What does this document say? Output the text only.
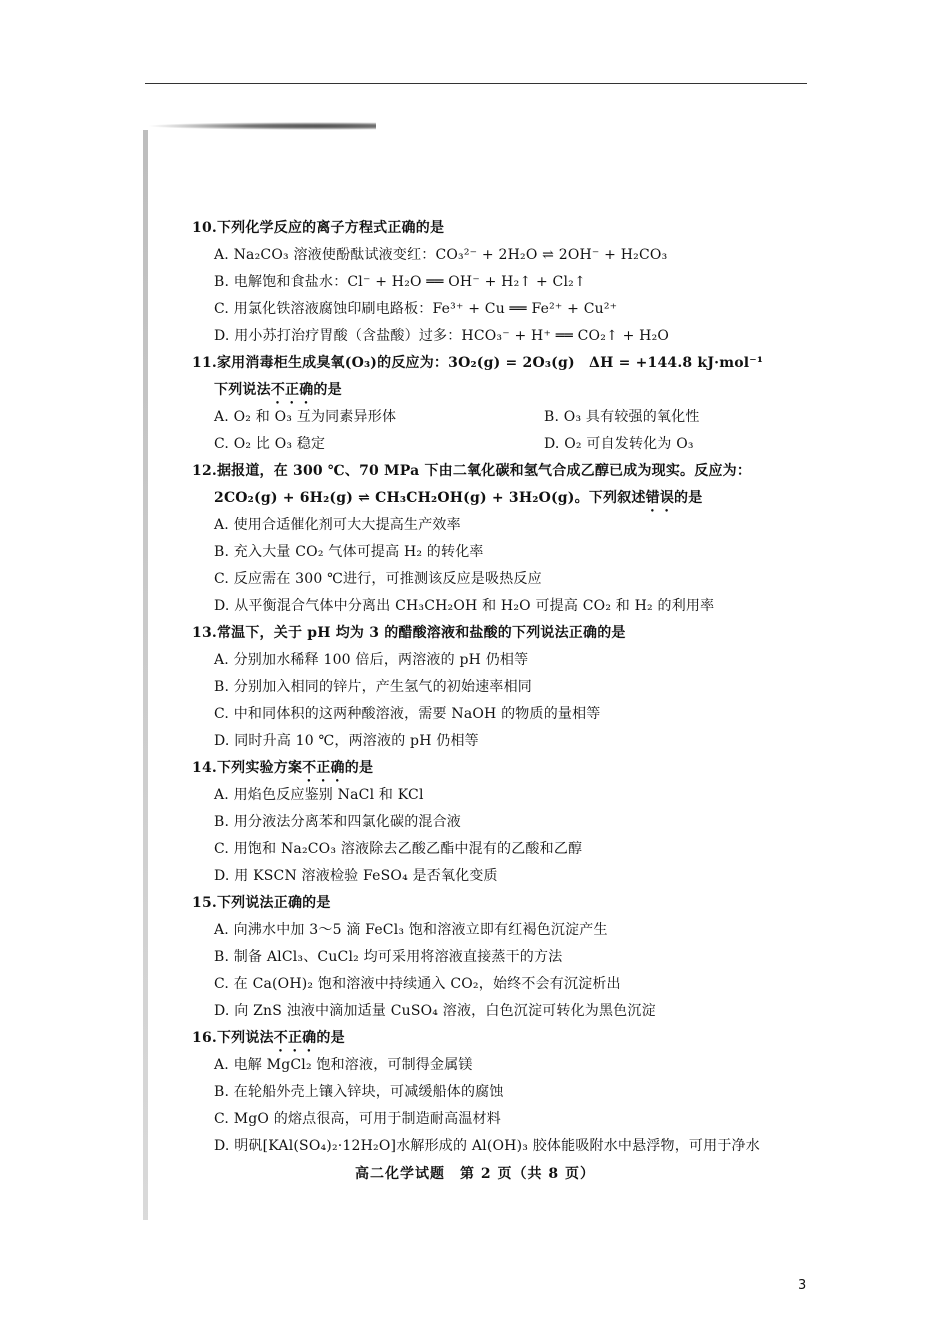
10.下列化学反应的离子方程式正确的是
A. Na₂CO₃ 溶液使酚酞试液变红：CO₃²⁻ + 2H₂O ⇌ 2OH⁻ + H₂CO₃
B. 电解饱和食盐水：Cl⁻ + H₂O ══ OH⁻ + H₂↑ + Cl₂↑
C. 用氯化铁溶液腐蚀印刷电路板：Fe³⁺ + Cu ══ Fe²⁺ + Cu²⁺
D. 用小苏打治疗胃酸（含盐酸）过多：HCO₃⁻ + H⁺ ══ CO₂↑ + H₂O
11.家用消毒柜生成臭氧(O₃)的反应为：3O₂(g) = 2O₃(g)　ΔH = +144.8 kJ·mol⁻¹
下列说法不正确的是
A. O₂ 和 O₃ 互为同素异形体	B. O₃ 具有较强的氧化性
C. O₂ 比 O₃ 稳定	D. O₂ 可自发转化为 O₃
12.据报道，在 300 ℃、70 MPa 下由二氧化碳和氢气合成乙醇已成为现实。反应为：
2CO₂(g) + 6H₂(g) ⇌ CH₃CH₂OH(g) + 3H₂O(g)。下列叙述错误的是
A. 使用合适催化剂可大大提高生产效率
B. 充入大量 CO₂ 气体可提高 H₂ 的转化率
C. 反应需在 300 ℃进行，可推测该反应是吸热反应
D. 从平衡混合气体中分离出 CH₃CH₂OH 和 H₂O 可提高 CO₂ 和 H₂ 的利用率
13.常温下，关于 pH 均为 3 的醋酸溶液和盐酸的下列说法正确的是
A. 分别加水稀释 100 倍后，两溶液的 pH 仍相等
B. 分别加入相同的锌片，产生氢气的初始速率相同
C. 中和同体积的这两种酸溶液，需要 NaOH 的物质的量相等
D. 同时升高 10 ℃，两溶液的 pH 仍相等
14.下列实验方案不正确的是
A. 用焰色反应鉴别 NaCl 和 KCl
B. 用分液法分离苯和四氯化碳的混合液
C. 用饱和 Na₂CO₃ 溶液除去乙酸乙酯中混有的乙酸和乙醇
D. 用 KSCN 溶液检验 FeSO₄ 是否氧化变质
15.下列说法正确的是
A. 向沸水中加 3～5 滴 FeCl₃ 饱和溶液立即有红褐色沉淀产生
B. 制备 AlCl₃、CuCl₂ 均可采用将溶液直接蒸干的方法
C. 在 Ca(OH)₂ 饱和溶液中持续通入 CO₂，始终不会有沉淀析出
D. 向 ZnS 浊液中滴加适量 CuSO₄ 溶液，白色沉淀可转化为黑色沉淀
16.下列说法不正确的是
A. 电解 MgCl₂ 饱和溶液，可制得金属镁
B. 在轮船外壳上镶入锌块，可减缓船体的腐蚀
C. MgO 的熔点很高，可用于制造耐高温材料
D. 明矾[KAl(SO₄)₂·12H₂O]水解形成的 Al(OH)₃ 胶体能吸附水中悬浮物，可用于净水
高二化学试题　第 2 页（共 8 页）
3
